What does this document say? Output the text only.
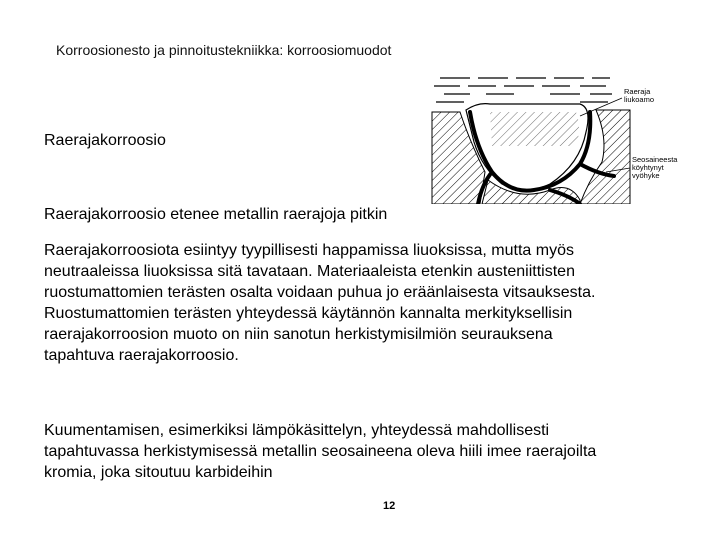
Korroosionesto ja pinnoitustekniikka: korroosiomuodot
Raerajakorroosio
Raeraja liukoamo
Seosaineesta köyhtynyt vyöhyke
Raerajakorroosio etenee metallin raerajoja pitkin
Raerajakorroosiota esiintyy tyypillisesti happamissa liuoksissa, mutta myös neutraaleissa liuoksissa sitä tavataan. Materiaaleista etenkin austeniittisten ruostumattomien terästen osalta voidaan puhua jo eräänlaisesta vitsauksesta. Ruostumattomien terästen yhteydessä käytännön kannalta merkityksellisin raerajakorroosion muoto on niin sanotun herkistymisilmiön seurauksena tapahtuva raerajakorroosio.
Kuumentamisen, esimerkiksi lämpökäsittelyn, yhteydessä mahdollisesti tapahtuvassa herkistymisessä metallin seosaineena oleva hiili imee raerajoilta kromia, joka sitoutuu karbideihin
12
